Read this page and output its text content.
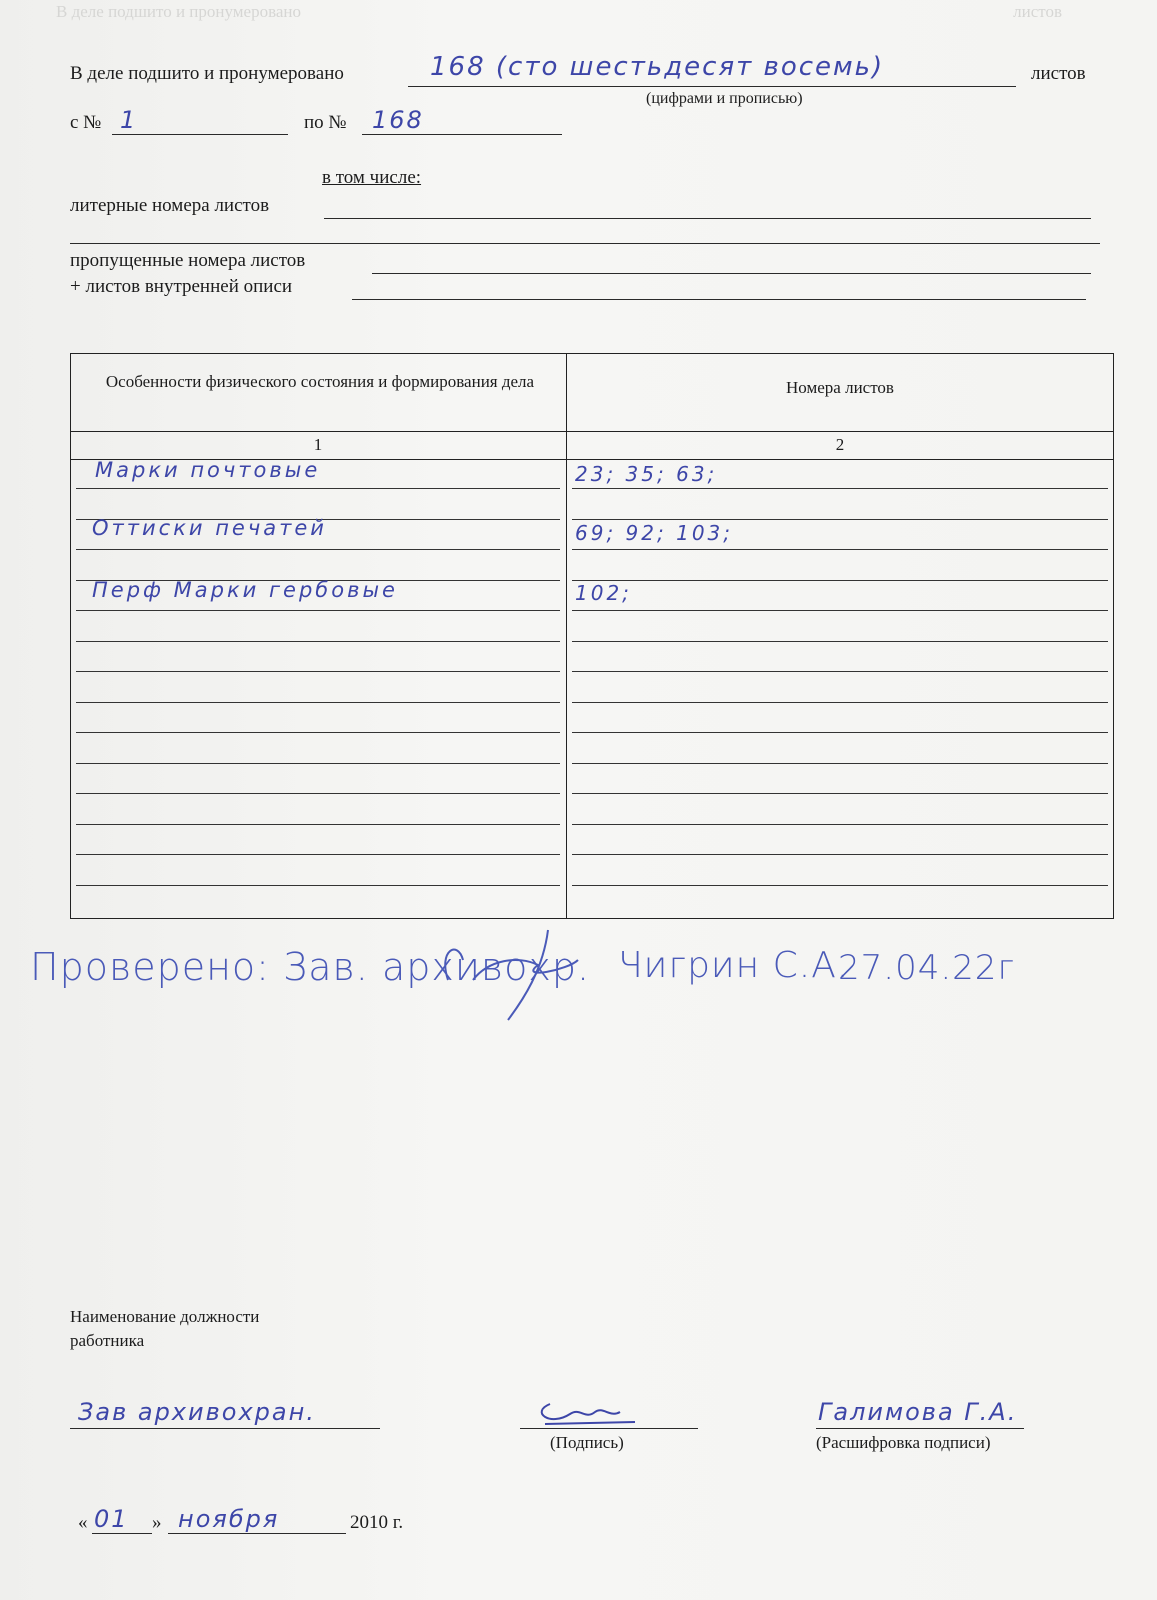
В деле подшито и пронумеровано	листов
В деле подшито и пронумеровано	168 (сто шестьдесят восемь)	листов
(цифрами и прописью)
с № 1	по № 168
в том числе:
литерные номера листов
пропущенные номера листов
+ листов внутренней описи
Особенности физического состояния и формирования дела	Номера листов
1	2
Марки почтовые	23; 35; 63;
Оттиски печатей	69; 92; 103;
Перф Марки гербовые	102;
Проверено: Зав. архивохр. Чигрин С.А.
27.04.22г
Наименование должности работника
Зав архивохран.
(Подпись)
Галимова Г.А.
(Расшифровка подписи)
« 01 » ноября	2010 г.
